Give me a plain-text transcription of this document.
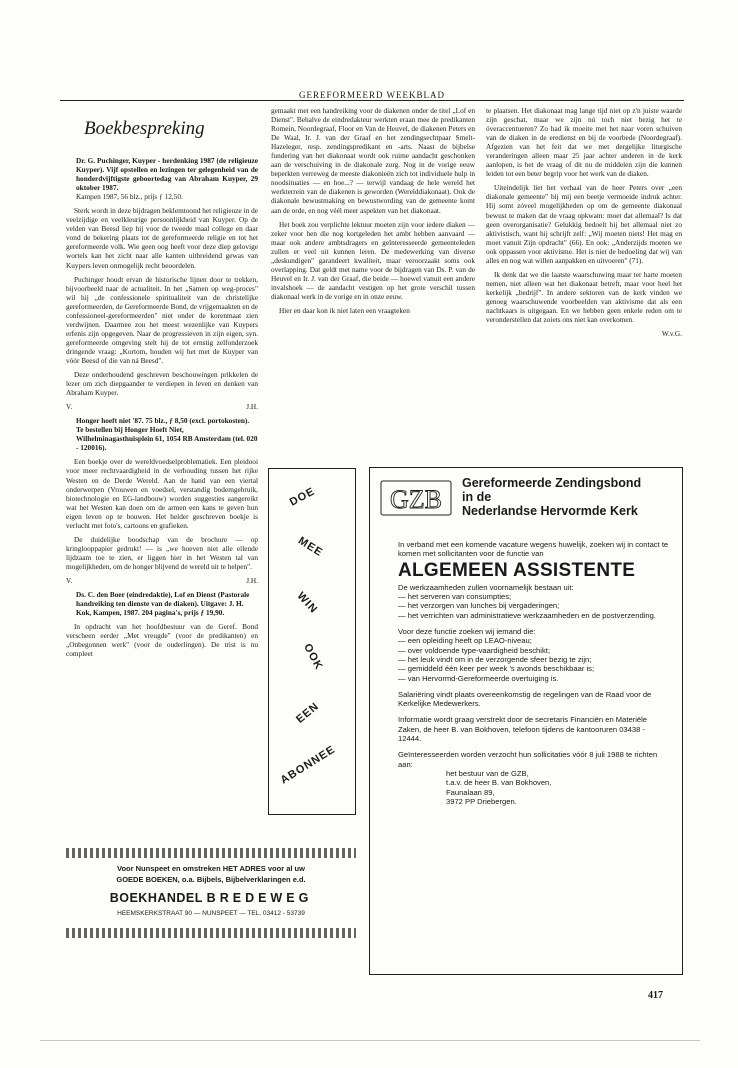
GEREFORMEERD WEEKBLAD
Boekbespreking

Dr. G. Puchinger, Kuyper - herdenking 1987 (de religieuze Kuyper). Vijf opstellen en lezingen ter gelegenheid van de honderdvijftigste geboortedag van Abraham Kuyper, 29 oktober 1987.
Kampen 1987, 56 blz., prijs ƒ 12,50.

Sterk wordt in deze bijdragen beklemtoond het religieuze in de veelzijdige en veelkleurige persoonlijkheid van Kuyper. Op de velden van Beesd liep hij voor de tweede maal college en daar vond de bekering plaats tot de gereformeerde religie en tot het gereformeerde volk. Wie geen oog heeft voor deze diep gelovige wortels kan het zicht naar alle kanten uitbreidend gewas van Kuypers leven onmogelijk recht beoordelen.

Puchinger houdt ervan de historische lijnen door te trekken, bijvoorbeeld naar de actualiteit. In het „Samen op weg-proces" wil hij „de confessionele spiritualiteit van de christelijke gereformeerden, de Gereformeerde Bond, de vrijgemaakten en de confessioneel-gereformeerden" niet onder de korenmaat zien verdwijnen. Daarmee zou het meest wezenlijke van Kuypers erfenis zijn opgegeven. Naar de progressieven in zijn eigen, syn. gereformeerde omgeving stelt hij de tot ernstig zelfonderzoek dringende vraag: „Kortom, houden wij het met de Kuyper van vóór Beesd of die van ná Beesd".

Deze onderhoudend geschreven beschouwingen prikkelen de lezer om zich diepgaander te verdiepen in leven en denken van Abraham Kuyper.

V.	J.H.

Honger hoeft niet '87. 75 blz., ƒ 8,50 (excl. portokosten). Te bestellen bij Honger Hoeft Niet, Wilhelminagasthuisplein 61, 1054 RB Amsterdam (tel. 020 - 120016).

Een boekje over de wereldvoedselproblematiek. Een pleidooi voor meer rechtvaardigheid in de verhouding tussen het rijke Westen en de Derde Wereld. Aan de hand van een viertal onderwerpen (Vrouwen en voedsel, verstandig bodemgebruik, biotechnologie en EG-landbouw) worden suggesties aangereikt wat het Westen kan doen om de armen een kans te geven hun eigen leven op te bouwen. Het helder geschreven boekje is verlucht met foto's, cartoons en grafieken.

De duidelijke boodschap van de brochure — op kringlooppapier gedrukt! — is „we hoeven niet alle ellende lijdzaam toe te zien, er liggen hier in het Westen tal van mogelijkheden, om de honger blijvend de wereld uit te helpen".

V.	J.H.

Ds. C. den Boer (eindredaktie), Lof en Dienst (Pastorale handreiking ten dienste van de diaken). Uitgave: J. H. Kok, Kampen, 1987. 204 pagina's, prijs ƒ 19,90.

In opdracht van het hoofdbestuur van de Geref. Bond verscheen eerder „Met vreugde" (voor de predikanten) en „Onbegonnen werk" (voor de ouderlingen). De trist is nu compleet

gemaakt met een handreiking voor de diakenen onder de titel „Lof en Dienst". Behalve de eindredakteur werkten eraan mee de predikanten Romein, Noordegraaf, Floor en Van de Heuvel, de diakenen Peters en De Waal, Ir. J. van der Graaf en het zendingsechtpaar Smelt-Hazeleger, resp. zendingspredikant en -arts. Naast de bijbelse fundering van het diakonaat wordt ook ruime aandacht geschonken aan de verschuiving in de diakonale zorg. Nog in de vorige eeuw beperkten verreweg de meeste diakonieën zich tot individuele hulp in noodsituaties — en hoe...? — terwijl vandaag de hele wereld het werkterrein van de diakenen is geworden (Werelddiakonaat). Ook de diakonale bewustmaking en bewustwording van de gemeente komt aan de orde, en nog véél meer aspekten van het diakonaat.

Het boek zou verplichte lektuur moeten zijn voor iedere diaken — zeker voor hen die nog kortgeleden het ambt hebben aanvaard — maar ook andere ambtsdragers en geïnteresseerde gemeenteleden zullen er veel uit kunnen leren. De medewerking van diverse „deskundigen" garandeert kwaliteit, maar veroorzaakt soms ook overlapping. Dat geldt met name voor de bijdragen van Ds. P. van de Heuvel en Ir. J. van der Graaf, die beide — hoewel vanuit een andere invalshoek — de aandacht vestigen op het grote verschil tussen diakonaal werk in de vorige en in onze eeuw.

Hier en daar kon ik niet laten een vraagteken

te plaatsen. Het diakonaat mag lange tijd niet op z'n juiste waarde zijn geschat, maar we zijn nú toch niet bezig het te óveraccentueren? Zo had ik moeite met het naar voren schuiven van de diaken in de eredienst en bij de voorbede (Noordegraaf). Afgezien van het feit dat we met dergelijke liturgische veranderingen alleen maar 25 jaar achter anderen in de kerk aanlopen, is het de vraag of dit nu de middelen zijn die kunnen leiden tot een beter begrip voor het werk van de diaken.

Uiteindelijk liet het verhaal van de heer Peters over „een diakonale gemeente" bij mij een beetje vermoeide indruk achter. Hij somt zóveel mogelijkheden op om de gemeente diakonaal bewust te maken dat de vraag opkwam: moet dat allemaal? Is dat geen overorganisatie? Gelukkig bedoelt hij het allemaal niet zo aktivistisch, want hij schrijft zelf: „Wij moeten niets! Het mag en moet vanuit Zijn opdracht" (66). En ook: „Anderzijds moeten we ook oppassen voor aktivisme. Het is niet de bedoeling dat wij van alles en nog wat willen aanpakken en uitvoeren" (71).

Ik denk dat we die laatste waarschuwing maar ter harte moeten nemen, niet alleen wat het diakonaat betreft, maar voor heel het kerkelijk „bedrijf". In andere sektoren van de kerk vinden we genoeg waarschuwende voorbeelden van aktivisme dat als een nachtkaars is uitgegaan. En we hebben geen enkele reden om te veronderstellen dat zoiets ons niet kan overkomen.

W.v.G.
DOE
MEE
WIN
OOK
EEN
ABONNEE
GZB
Gereformeerde Zendingsbond
in de
Nederlandse Hervormde Kerk

In verband met een komende vacature wegens huwelijk, zoeken wij in contact te komen met sollicitanten voor de functie van

ALGEMEEN ASSISTENTE

De werkzaamheden zullen voornamelijk bestaan uit:

— het serveren van consumpties;
— het verzorgen van lunches bij vergaderingen;
— het verrichten van administratieve werkzaamheden en de postverzending.

Voor deze functie zoeken wij iemand die:

— een opleiding heeft op LEAO-niveau;
— over voldoende type-vaardigheid beschikt;
— het leuk vindt om in de verzorgende sfeer bezig te zijn;
— gemiddeld één keer per week 's avonds beschikbaar is;
— van Hervormd-Gereformeerde overtuiging is.

Salariëring vindt plaats overeenkomstig de regelingen van de Raad voor de Kerkelijke Medewerkers.

Informatie wordt graag verstrekt door de secretaris Financiën en Materiële Zaken, de heer B. van Bokhoven, telefoon tijdens de kantooruren 03438 - 12444.

Geïnteresseerden worden verzocht hun sollicitaties vóór 8 juli 1988 te richten aan:

het bestuur van de GZB,
t.a.v. de heer B. van Bokhoven,
Faunalaan 89,
3972 PP Driebergen.
Voor Nunspeet en omstreken HET ADRES voor al uw
GOEDE BOEKEN, o.a. Bijbels, Bijbelverklaringen e.d.
BOEKHANDEL BREDEWEG
HEEMSKERKSTRAAT 90 — NUNSPEET — TEL. 03412 - 53739
417
